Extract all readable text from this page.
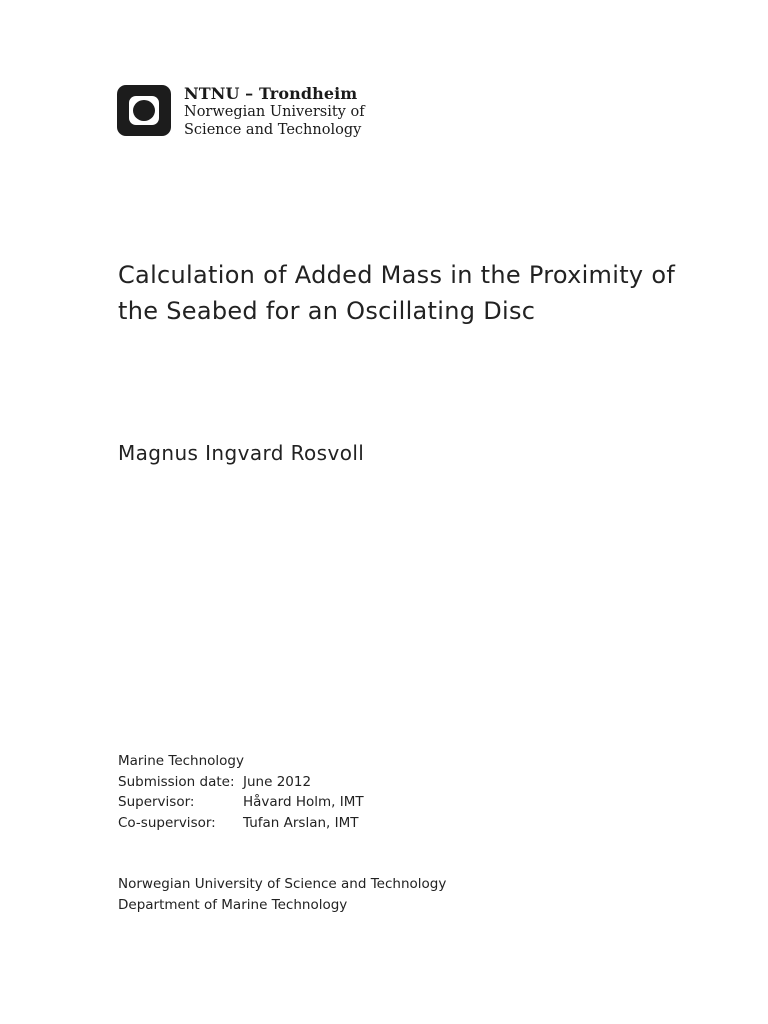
NTNU – Trondheim
Norwegian University of
Science and Technology
Calculation of Added Mass in the Proximity of the Seabed for an Oscillating Disc
Magnus Ingvard Rosvoll
Marine Technology
Submission date: June 2012
Supervisor:	Håvard Holm, IMT
Co-supervisor:	Tufan Arslan, IMT
Norwegian University of Science and Technology
Department of Marine Technology
